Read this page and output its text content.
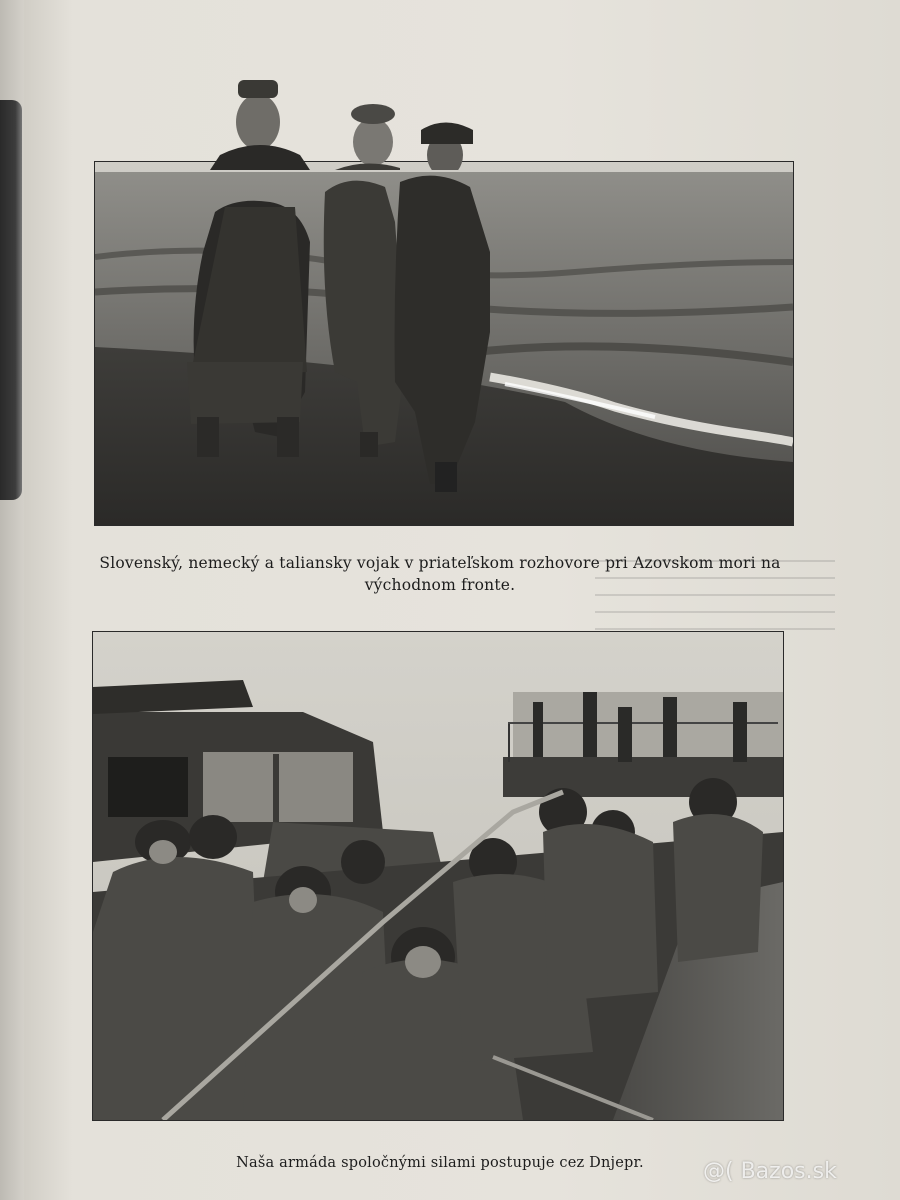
Slovenský, nemecký a taliansky vojak v priateľskom rozhovore pri Azovskom mori na východnom fronte.
Naša armáda spoločnými silami postupuje cez Dnjepr.	@( Bazos.sk
